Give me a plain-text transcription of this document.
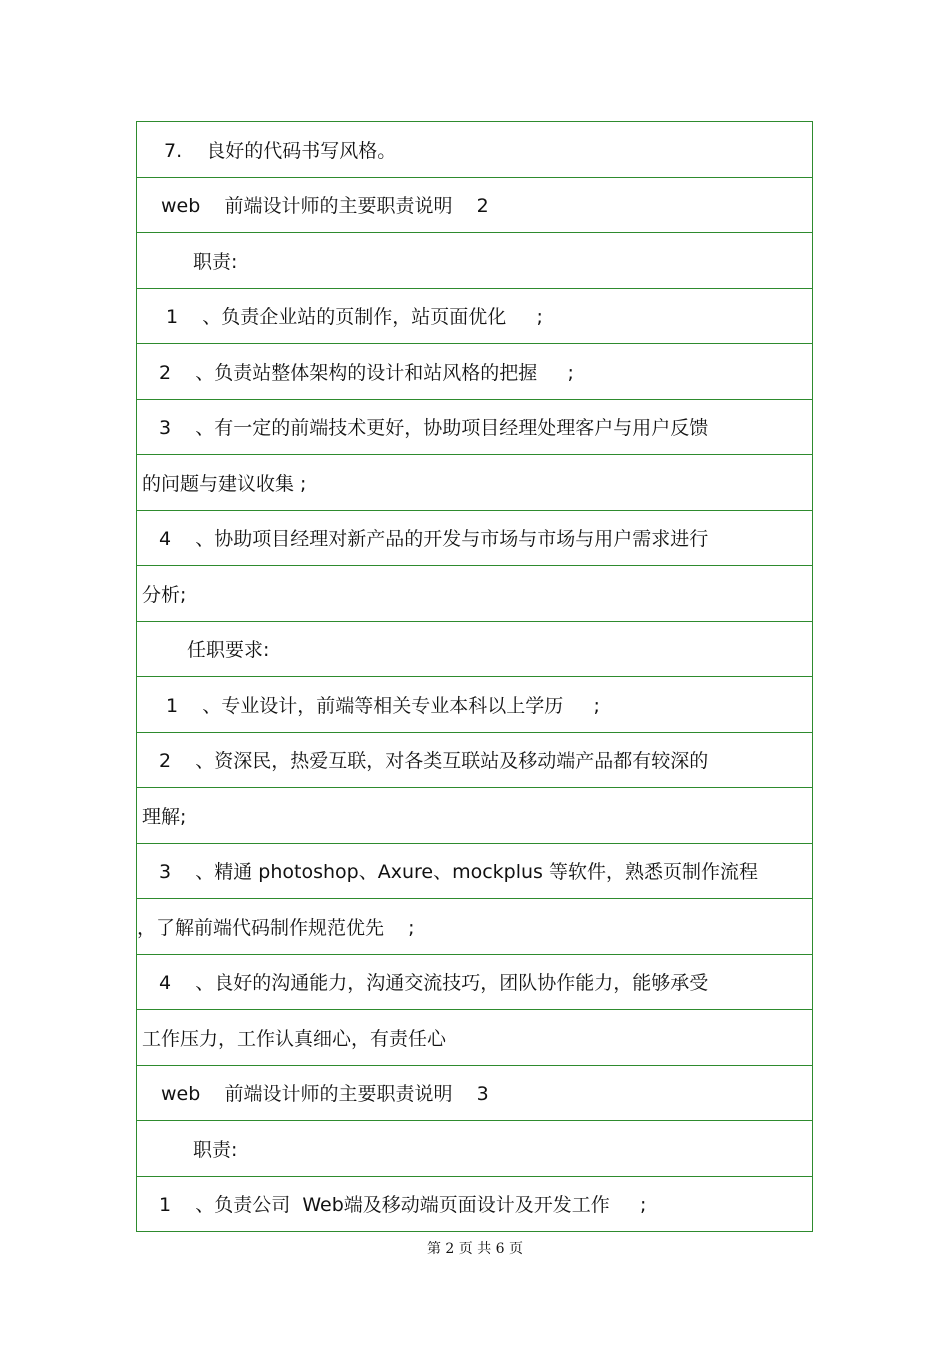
7.    良好的代码书写风格。
web    前端设计师的主要职责说明    2
职责:
1    、负责企业站的页制作，站页面优化     ;
2    、负责站整体架构的设计和站风格的把握     ;
3    、有一定的前端技术更好，协助项目经理处理客户与用户反馈
的问题与建议收集 ;
4    、协助项目经理对新产品的开发与市场与市场与用户需求进行
分析;
任职要求:
1    、专业设计，前端等相关专业本科以上学历     ;
2    、资深民，热爱互联，对各类互联站及移动端产品都有较深的
理解;
3    、精通 photoshop、Axure、mockplus 等软件，熟悉页制作流程
，了解前端代码制作规范优先    ;
4    、良好的沟通能力，沟通交流技巧，团队协作能力，能够承受
工作压力，工作认真细心，有责任心
web    前端设计师的主要职责说明    3
职责:
1    、负责公司  Web端及移动端页面设计及开发工作     ;
第 2 页 共 6 页
